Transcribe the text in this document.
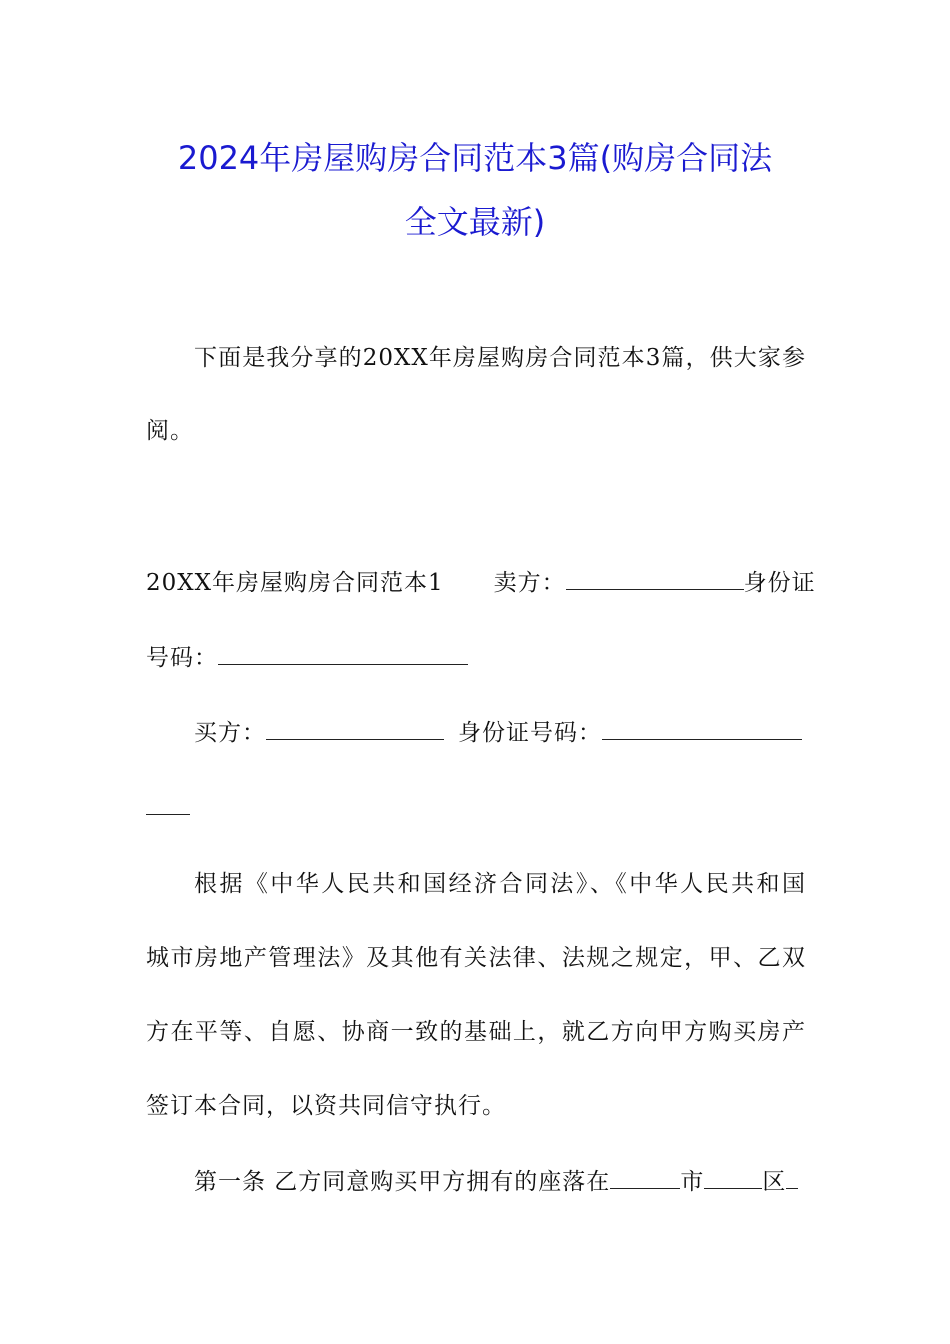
2024年房屋购房合同范本3篇(购房合同法
全文最新)
下面是我分享的20XX年房屋购房合同范本3篇，供大家参
阅。
20XX年房屋购房合同范本1 卖方：	身份证
号码：
买方：	身份证号码：
根据《中华人民共和国经济合同法》、《中华人民共和国
城市房地产管理法》及其他有关法律、法规之规定，甲、乙双
方在平等、自愿、协商一致的基础上，就乙方向甲方购买房产
签订本合同，以资共同信守执行。
第一条 乙方同意购买甲方拥有的座落在	市	区
